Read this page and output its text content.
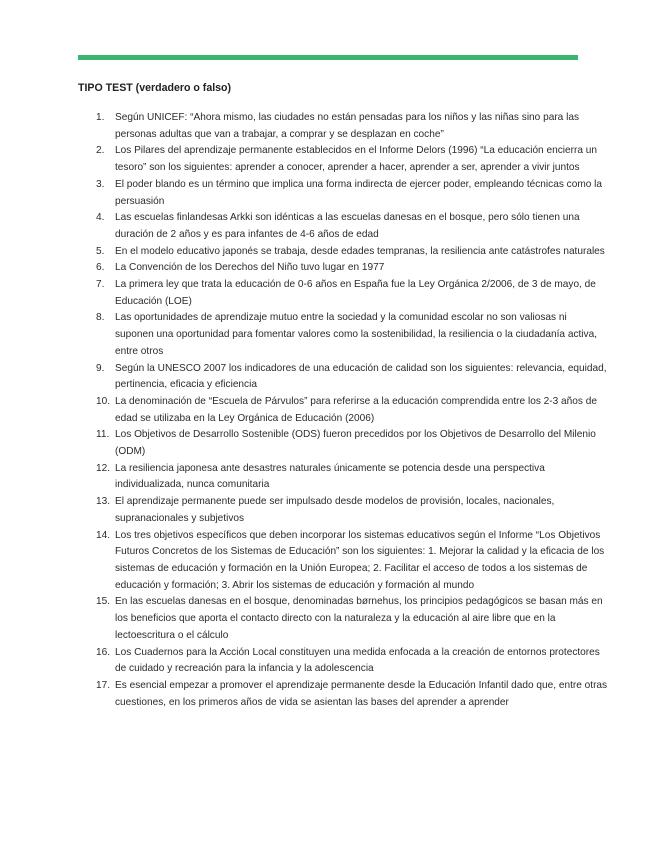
TIPO TEST (verdadero o falso)
1.	Según UNICEF: “Ahora mismo, las ciudades no están pensadas para los niños y las niñas sino para las personas adultas que van a trabajar, a comprar y se desplazan en coche”
2.	Los Pilares del aprendizaje permanente establecidos en el Informe Delors (1996) “La educación encierra un tesoro” son los siguientes: aprender a conocer, aprender a hacer, aprender a ser, aprender a vivir juntos
3.	El poder blando es un término que implica una forma indirecta de ejercer poder, empleando técnicas como la persuasión
4.	Las escuelas finlandesas Arkki son idénticas a las escuelas danesas en el bosque, pero sólo tienen una duración de 2 años y es para infantes de 4-6 años de edad
5.	En el modelo educativo japonés se trabaja, desde edades tempranas, la resiliencia ante catástrofes naturales
6.	La Convención de los Derechos del Niño tuvo lugar en 1977
7.	La primera ley que trata la educación de 0-6 años en España fue la Ley Orgánica 2/2006, de 3 de mayo, de Educación (LOE)
8.	Las oportunidades de aprendizaje mutuo entre la sociedad y la comunidad escolar no son valiosas ni suponen una oportunidad para fomentar valores como la sostenibilidad, la resiliencia o la ciudadanía activa, entre otros
9.	Según la UNESCO 2007 los indicadores de una educación de calidad son los siguientes: relevancia, equidad, pertinencia, eficacia y eficiencia
10. La denominación de “Escuela de Párvulos” para referirse a la educación comprendida entre los 2-3 años de edad se utilizaba en la Ley Orgánica de Educación (2006)
11. Los Objetivos de Desarrollo Sostenible (ODS) fueron precedidos por los Objetivos de Desarrollo del Milenio (ODM)
12. La resiliencia japonesa ante desastres naturales únicamente se potencia desde una perspectiva individualizada, nunca comunitaria
13. El aprendizaje permanente puede ser impulsado desde modelos de provisión, locales, nacionales, supranacionales y subjetivos
14. Los tres objetivos específicos que deben incorporar los sistemas educativos según el Informe “Los Objetivos Futuros Concretos de los Sistemas de Educación” son los siguientes: 1. Mejorar la calidad y la eficacia de los sistemas de educación y formación en la Unión Europea; 2. Facilitar el acceso de todos a los sistemas de educación y formación; 3. Abrir los sistemas de educación y formación al mundo
15. En las escuelas danesas en el bosque, denominadas børnehus, los principios pedagógicos se basan más en los beneficios que aporta el contacto directo con la naturaleza y la educación al aire libre que en la lectoescritura o el cálculo
16. Los Cuadernos para la Acción Local constituyen una medida enfocada a la creación de entornos protectores de cuidado y recreación para la infancia y la adolescencia
17. Es esencial empezar a promover el aprendizaje permanente desde la Educación Infantil dado que, entre otras cuestiones, en los primeros años de vida se asientan las bases del aprender a aprender
